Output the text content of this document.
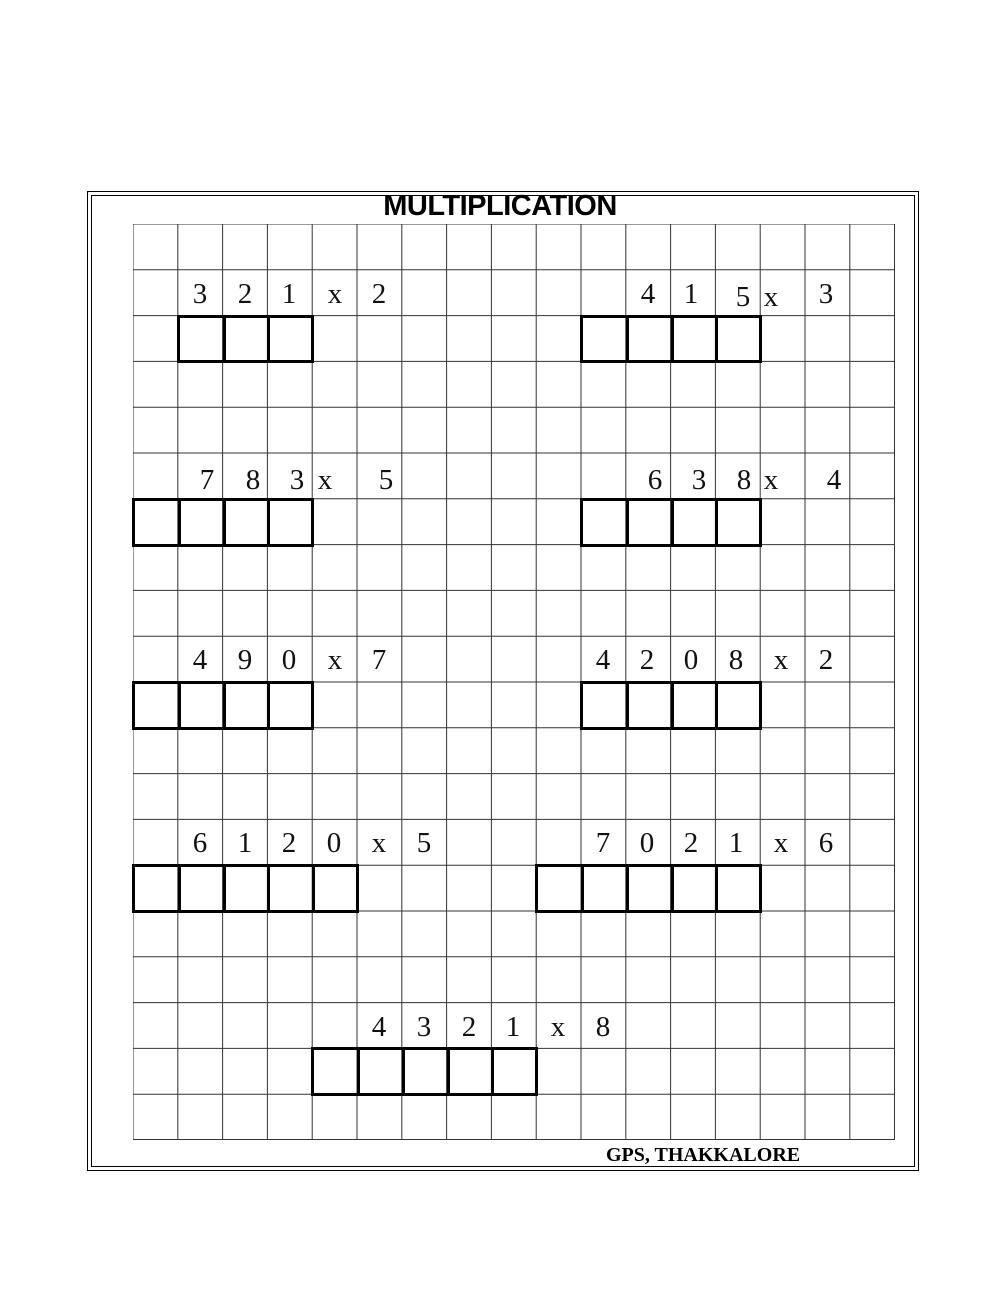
MULTIPLICATION
3 2 1 x 2	4 1 5 x 3
7 8 3 x 5	6 3 8 x 4
4 9 0 x 7	4 2 0 8 x 2
6 1 2 0 x 5	7 0 2 1 x 6
4 3 2 1 x 8
GPS, THAKKALORE
